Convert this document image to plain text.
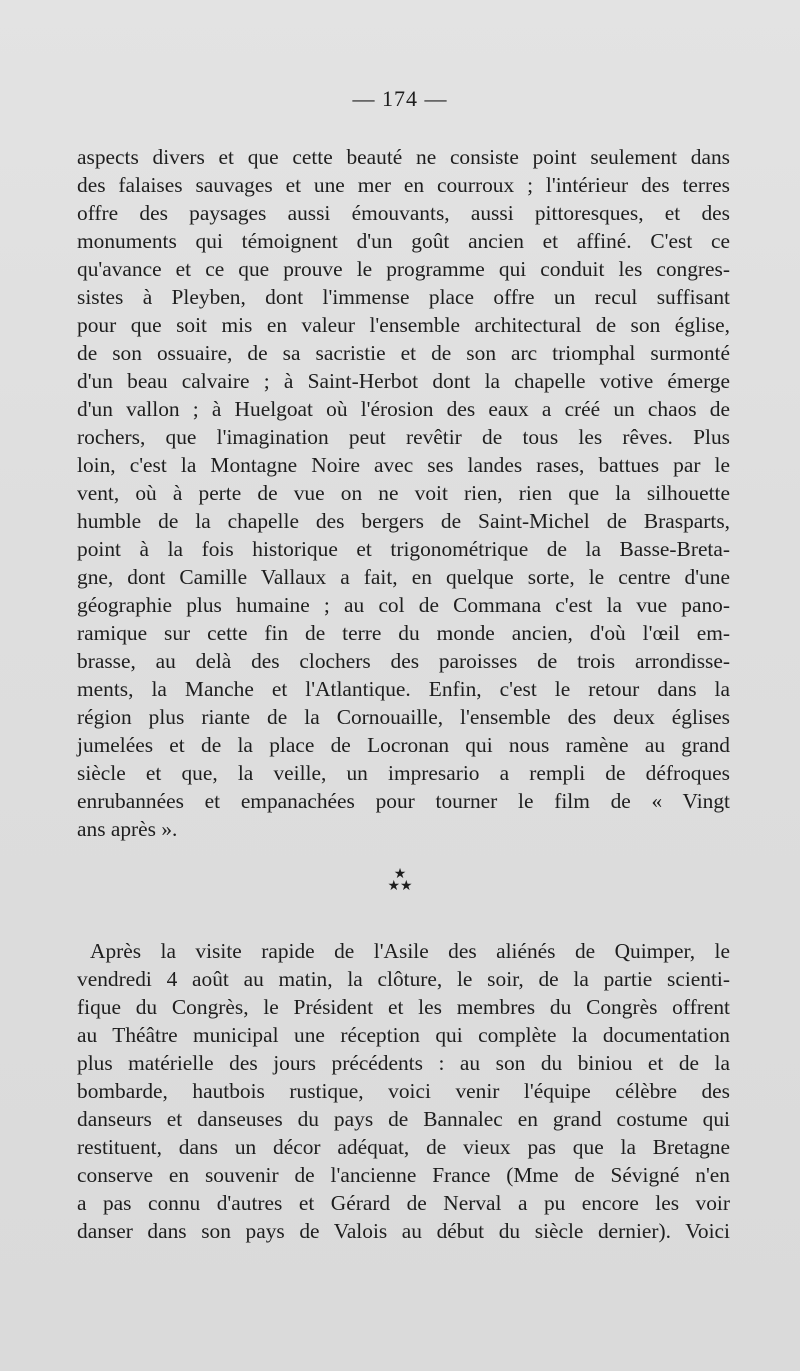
— 174 —
aspects divers et que cette beauté ne consiste point seulement dans
des falaises sauvages et une mer en courroux ; l'intérieur des terres
offre des paysages aussi émouvants, aussi pittoresques, et des
monuments qui témoignent d'un goût ancien et affiné. C'est ce
qu'avance et ce que prouve le programme qui conduit les congres-
sistes à Pleyben, dont l'immense place offre un recul suffisant
pour que soit mis en valeur l'ensemble architectural de son église,
de son ossuaire, de sa sacristie et de son arc triomphal surmonté
d'un beau calvaire ; à Saint-Herbot dont la chapelle votive émerge
d'un vallon ; à Huelgoat où l'érosion des eaux a créé un chaos de
rochers, que l'imagination peut revêtir de tous les rêves. Plus
loin, c'est la Montagne Noire avec ses landes rases, battues par le
vent, où à perte de vue on ne voit rien, rien que la silhouette
humble de la chapelle des bergers de Saint-Michel de Brasparts,
point à la fois historique et trigonométrique de la Basse-Breta-
gne, dont Camille Vallaux a fait, en quelque sorte, le centre d'une
géographie plus humaine ; au col de Commana c'est la vue pano-
ramique sur cette fin de terre du monde ancien, d'où l'œil em-
brasse, au delà des clochers des paroisses de trois arrondisse-
ments, la Manche et l'Atlantique. Enfin, c'est le retour dans la
région plus riante de la Cornouaille, l'ensemble des deux églises
jumelées et de la place de Locronan qui nous ramène au grand
siècle et que, la veille, un impresario a rempli de défroques
enrubannées et empanachées pour tourner le film de « Vingt
ans après ».
★
★★
Après la visite rapide de l'Asile des aliénés de Quimper, le
vendredi 4 août au matin, la clôture, le soir, de la partie scienti-
fique du Congrès, le Président et les membres du Congrès offrent
au Théâtre municipal une réception qui complète la documentation
plus matérielle des jours précédents : au son du biniou et de la
bombarde, hautbois rustique, voici venir l'équipe célèbre des
danseurs et danseuses du pays de Bannalec en grand costume qui
restituent, dans un décor adéquat, de vieux pas que la Bretagne
conserve en souvenir de l'ancienne France (Mme de Sévigné n'en
a pas connu d'autres et Gérard de Nerval a pu encore les voir
danser dans son pays de Valois au début du siècle dernier). Voici
